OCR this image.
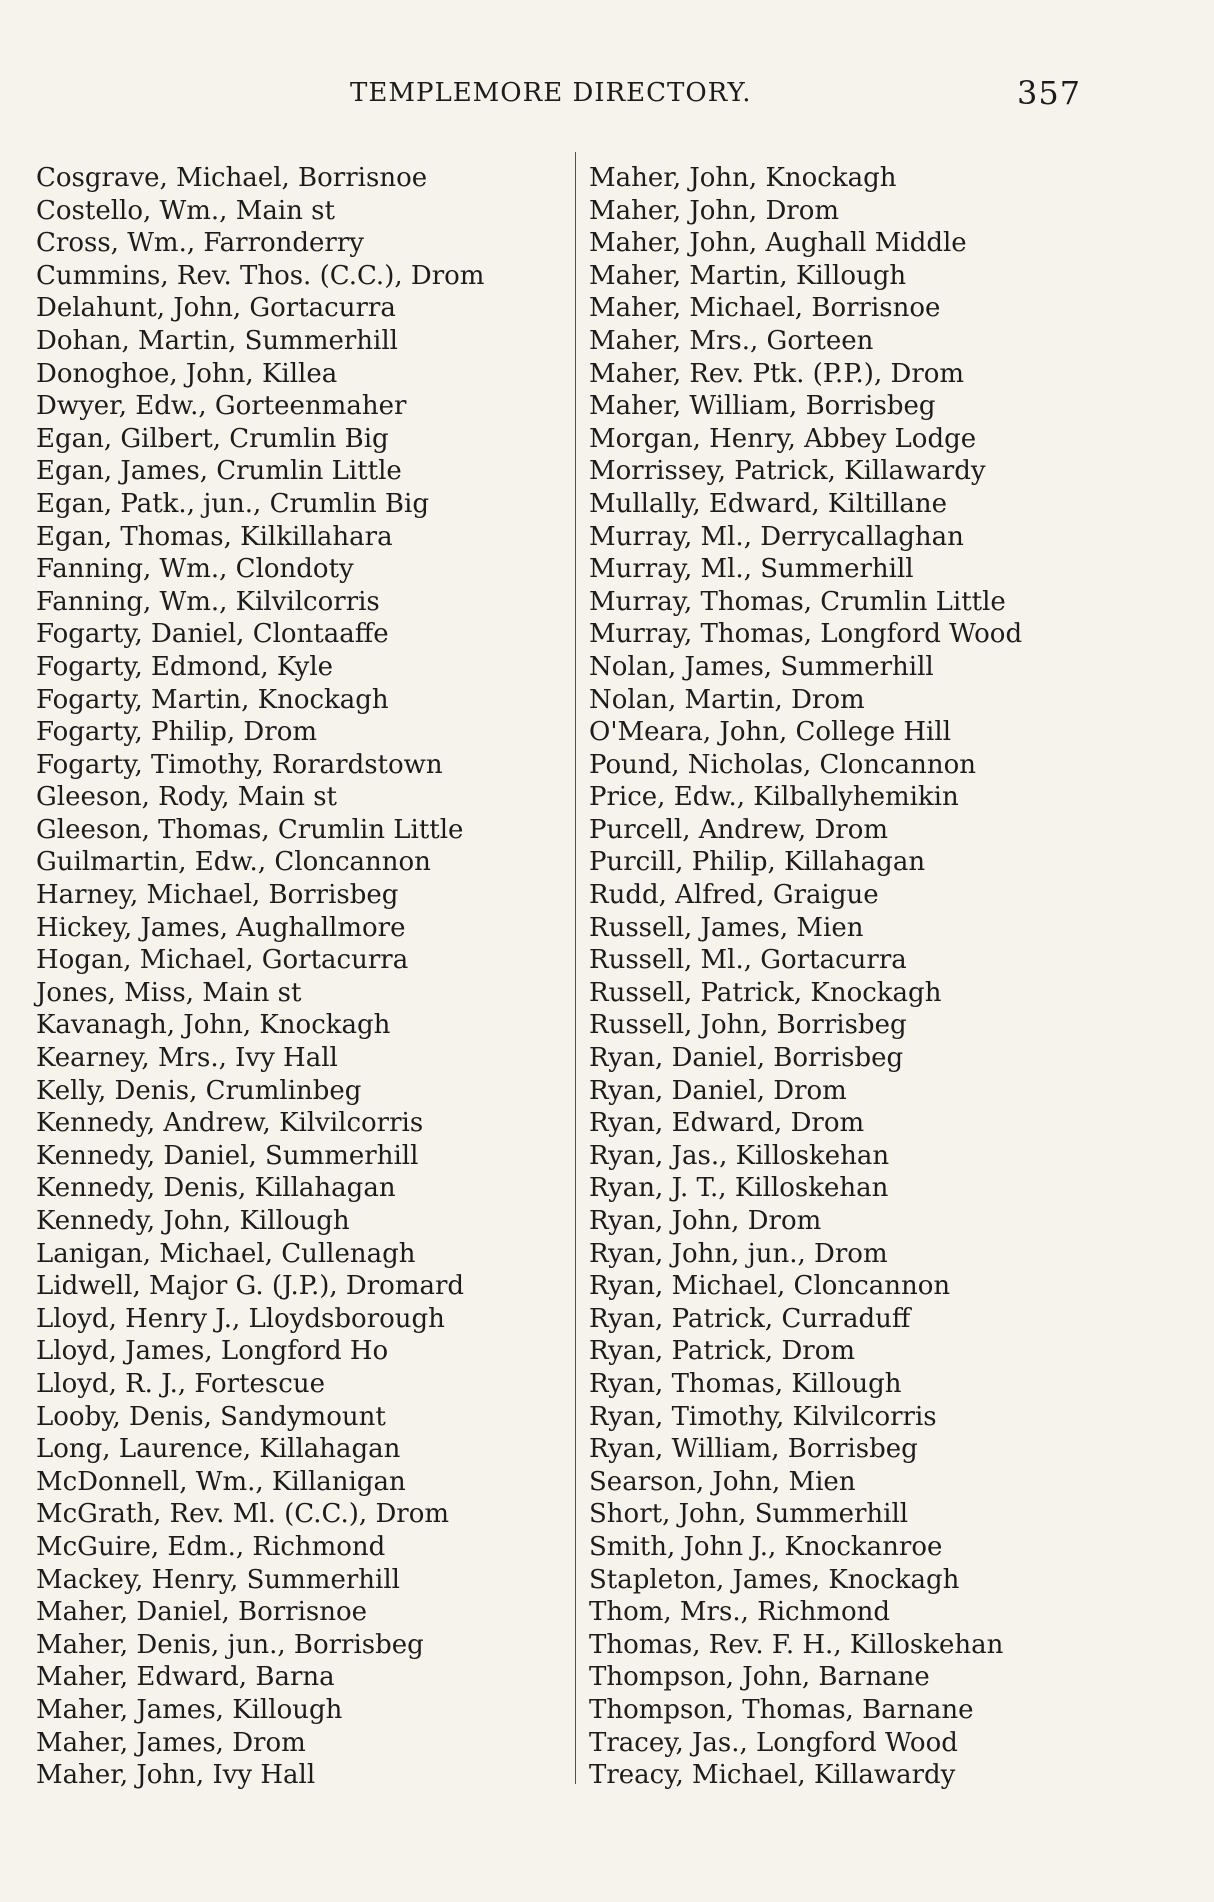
TEMPLEMORE DIRECTORY.	357
Cosgrave, Michael, Borrisnoe
Costello, Wm., Main st
Cross, Wm., Farronderry
Cummins, Rev. Thos. (C.C.), Drom
Delahunt, John, Gortacurra
Dohan, Martin, Summerhill
Donoghoe, John, Killea
Dwyer, Edw., Gorteenmaher
Egan, Gilbert, Crumlin Big
Egan, James, Crumlin Little
Egan, Patk., jun., Crumlin Big
Egan, Thomas, Kilkillahara
Fanning, Wm., Clondoty
Fanning, Wm., Kilvilcorris
Fogarty, Daniel, Clontaaffe
Fogarty, Edmond, Kyle
Fogarty, Martin, Knockagh
Fogarty, Philip, Drom
Fogarty, Timothy, Rorardstown
Gleeson, Rody, Main st
Gleeson, Thomas, Crumlin Little
Guilmartin, Edw., Cloncannon
Harney, Michael, Borrisbeg
Hickey, James, Aughallmore
Hogan, Michael, Gortacurra
Jones, Miss, Main st
Kavanagh, John, Knockagh
Kearney, Mrs., Ivy Hall
Kelly, Denis, Crumlinbeg
Kennedy, Andrew, Kilvilcorris
Kennedy, Daniel, Summerhill
Kennedy, Denis, Killahagan
Kennedy, John, Killough
Lanigan, Michael, Cullenagh
Lidwell, Major G. (J.P.), Dromard
Lloyd, Henry J., Lloydsborough
Lloyd, James, Longford Ho
Lloyd, R. J., Fortescue
Looby, Denis, Sandymount
Long, Laurence, Killahagan
McDonnell, Wm., Killanigan
McGrath, Rev. Ml. (C.C.), Drom
McGuire, Edm., Richmond
Mackey, Henry, Summerhill
Maher, Daniel, Borrisnoe
Maher, Denis, jun., Borrisbeg
Maher, Edward, Barna
Maher, James, Killough
Maher, James, Drom
Maher, John, Ivy Hall
Maher, John, Knockagh
Maher, John, Drom
Maher, John, Aughall Middle
Maher, Martin, Killough
Maher, Michael, Borrisnoe
Maher, Mrs., Gorteen
Maher, Rev. Ptk. (P.P.), Drom
Maher, William, Borrisbeg
Morgan, Henry, Abbey Lodge
Morrissey, Patrick, Killawardy
Mullally, Edward, Kiltillane
Murray, Ml., Derrycallaghan
Murray, Ml., Summerhill
Murray, Thomas, Crumlin Little
Murray, Thomas, Longford Wood
Nolan, James, Summerhill
Nolan, Martin, Drom
O'Meara, John, College Hill
Pound, Nicholas, Cloncannon
Price, Edw., Kilballyhemikin
Purcell, Andrew, Drom
Purcill, Philip, Killahagan
Rudd, Alfred, Graigue
Russell, James, Mien
Russell, Ml., Gortacurra
Russell, Patrick, Knockagh
Russell, John, Borrisbeg
Ryan, Daniel, Borrisbeg
Ryan, Daniel, Drom
Ryan, Edward, Drom
Ryan, Jas., Killoskehan
Ryan, J. T., Killoskehan
Ryan, John, Drom
Ryan, John, jun., Drom
Ryan, Michael, Cloncannon
Ryan, Patrick, Curraduff
Ryan, Patrick, Drom
Ryan, Thomas, Killough
Ryan, Timothy, Kilvilcorris
Ryan, William, Borrisbeg
Searson, John, Mien
Short, John, Summerhill
Smith, John J., Knockanroe
Stapleton, James, Knockagh
Thom, Mrs., Richmond
Thomas, Rev. F. H., Killoskehan
Thompson, John, Barnane
Thompson, Thomas, Barnane
Tracey, Jas., Longford Wood
Treacy, Michael, Killawardy
